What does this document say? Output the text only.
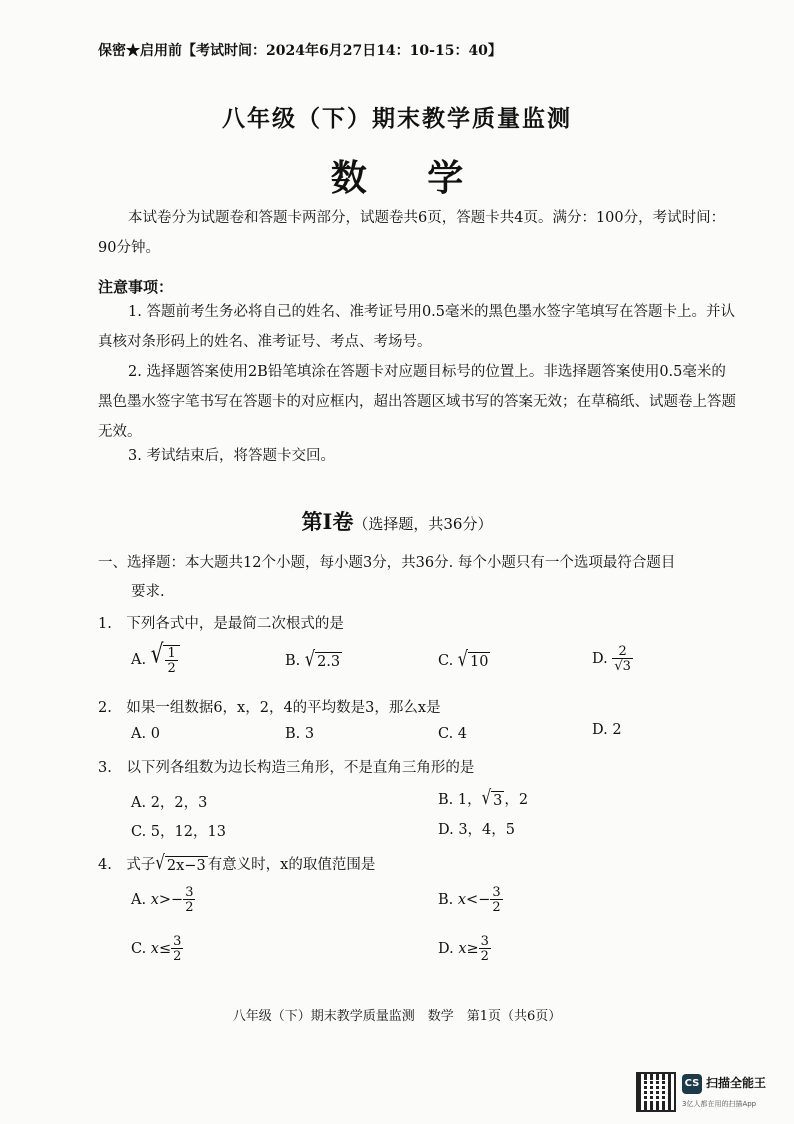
保密★启用前【考试时间：2024年6月27日14：10-15：40】
八年级（下）期末教学质量监测
数 学
本试卷分为试题卷和答题卡两部分，试题卷共6页，答题卡共4页。满分：100分，考试时间：90分钟。
注意事项：
1. 答题前考生务必将自己的姓名、准考证号用0.5毫米的黑色墨水签字笔填写在答题卡上。并认真核对条形码上的姓名、准考证号、考点、考场号。
2. 选择题答案使用2B铅笔填涂在答题卡对应题目标号的位置上。非选择题答案使用0.5毫米的黑色墨水签字笔书写在答题卡的对应框内，超出答题区域书写的答案无效；在草稿纸、试题卷上答题无效。
3. 考试结束后，将答题卡交回。
第Ⅰ卷（选择题，共36分）
一、选择题：本大题共12个小题，每小题3分，共36分. 每个小题只有一个选项最符合题目
要求.
1.　下列各式中，是最简二次根式的是
A. √ $\frac{1}{2}$	B. √ 2.3	C. √ 10	D. $\frac{2}{√3}$
2.　如果一组数据6，x，2，4的平均数是3，那么x是
A. 0	B. 3	C. 4	D. 2
3.　以下列各组数为边长构造三角形，不是直角三角形的是
A. 2，2，3	B. 1， √ 3 ，2
C. 5，12，13	D. 3，4，5
4.　式子 √ 2x−3 有意义时，x的取值范围是
A. $x>- \frac{3}{2}$	B. $x<- \frac{3}{2}$
C. $x\le \frac{3}{2}$	D. $x\ge \frac{3}{2}$
八年级（下）期末教学质量监测　数学　第1页（共6页）
CS 扫描全能王
3亿人都在用的扫描App
